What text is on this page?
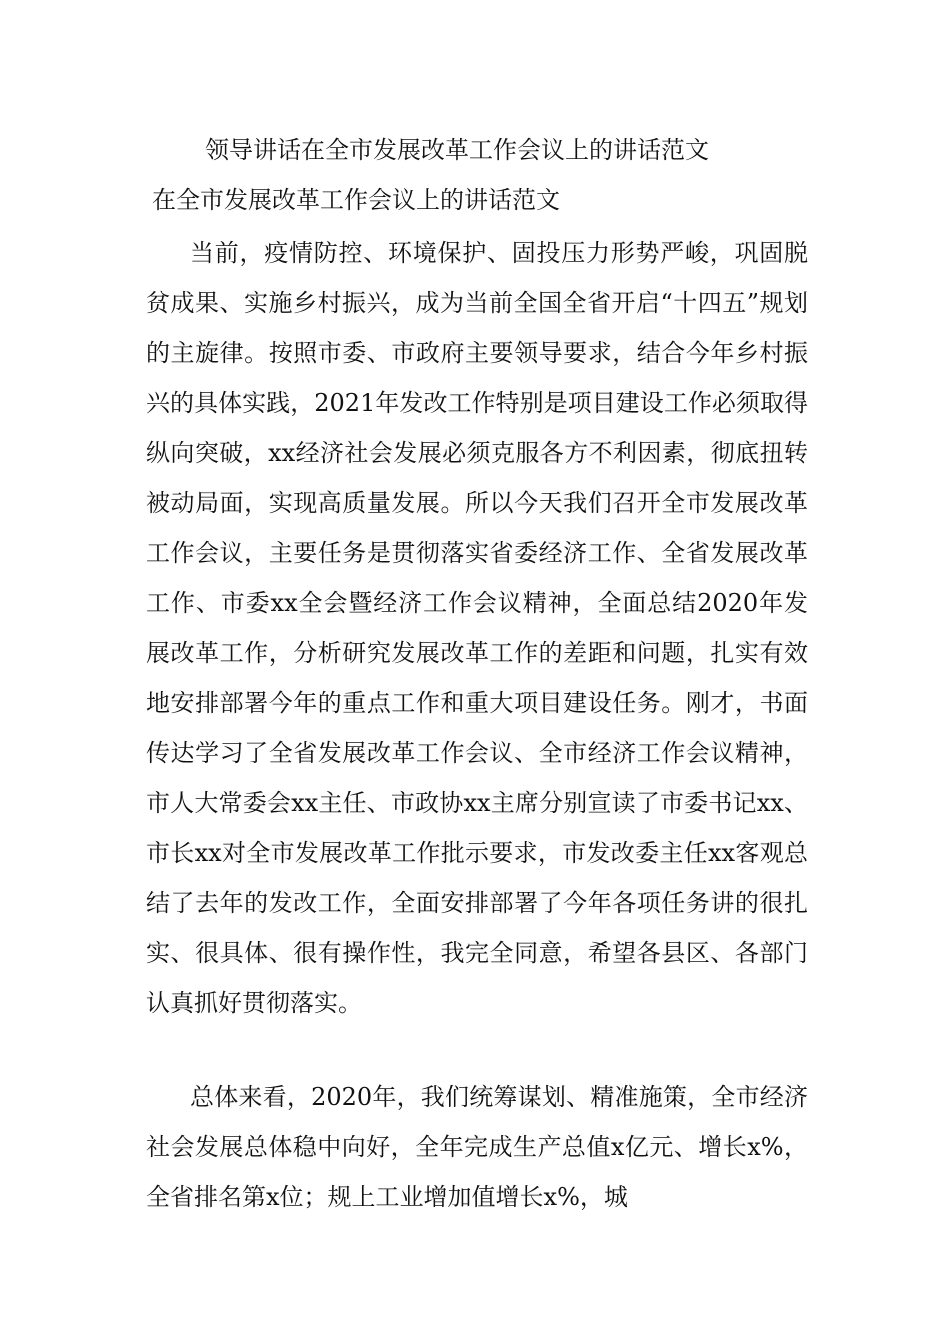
领导讲话在全市发展改革工作会议上的讲话范文
在全市发展改革工作会议上的讲话范文

当前，疫情防控、环境保护、固投压力形势严峻，巩固脱贫成果、实施乡村振兴，成为当前全国全省开启“十四五”规划的主旋律。按照市委、市政府主要领导要求，结合今年乡村振兴的具体实践，2021年发改工作特别是项目建设工作必须取得纵向突破，xx经济社会发展必须克服各方不利因素，彻底扭转被动局面，实现高质量发展。所以今天我们召开全市发展改革工作会议，主要任务是贯彻落实省委经济工作、全省发展改革工作、市委xx全会暨经济工作会议精神，全面总结2020年发展改革工作，分析研究发展改革工作的差距和问题，扎实有效地安排部署今年的重点工作和重大项目建设任务。刚才，书面传达学习了全省发展改革工作会议、全市经济工作会议精神，市人大常委会xx主任、市政协xx主席分别宣读了市委书记xx、市长xx对全市发展改革工作批示要求，市发改委主任xx客观总结了去年的发改工作，全面安排部署了今年各项任务讲的很扎实、很具体、很有操作性，我完全同意，希望各县区、各部门认真抓好贯彻落实。

总体来看，2020年，我们统筹谋划、精准施策，全市经济社会发展总体稳中向好，全年完成生产总值x亿元、增长x%，全省排名第x位；规上工业增加值增长x%，城
